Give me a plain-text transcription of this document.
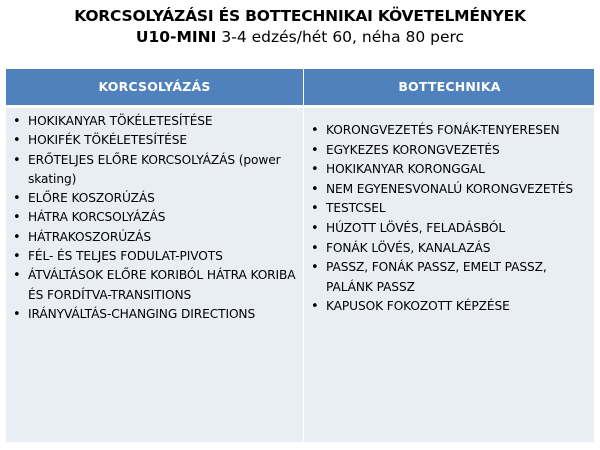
KORCSOLYÁZÁSI ÉS BOTTECHNIKAI KÖVETELMÉNYEK
U10-MINI 3-4 edzés/hét 60, néha 80 perc
KORCSOLYÁZÁS	BOTTECHNIKA
• HOKIKANYAR TÖKÉLETESÍTÉSE
• HOKIFÉK TÖKÉLETESÍTÉSE
• ERŐTELJES ELŐRE KORCSOLYÁZÁS (power skating)
• ELŐRE KOSZORÚZÁS
• HÁTRA KORCSOLYÁZÁS
• HÁTRAKOSZORÚZÁS
• FÉL- ÉS TELJES FODULAT-PIVOTS
• ÁTVÁLTÁSOK ELŐRE KORIBÓL HÁTRA KORIBA ÉS FORDÍTVA-TRANSITIONS
• IRÁNYVÁLTÁS-CHANGING DIRECTIONS
• KORONGVEZETÉS FONÁK-TENYERESEN
• EGYKEZES KORONGVEZETÉS
• HOKIKANYAR KORONGGAL
• NEM EGYENESVONALÚ KORONGVEZETÉS
• TESTCSEL
• HÚZOTT LÖVÉS, FELADÁSBÓL
• FONÁK LÖVÉS, KANALAZÁS
• PASSZ, FONÁK PASSZ, EMELT PASSZ, PALÁNK PASSZ
• KAPUSOK FOKOZOTT KÉPZÉSE
